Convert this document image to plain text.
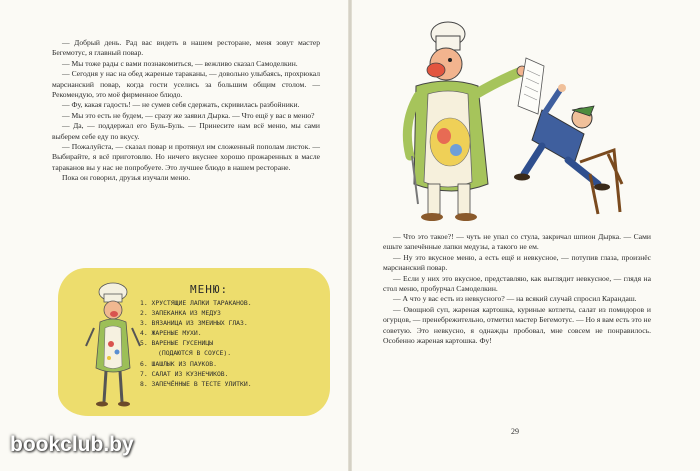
— Добрый день. Рад вас видеть в нашем ресторане, меня зовут мастер Бегемотус, я главный повар.

— Мы тоже рады с вами познакомиться, — вежливо сказал Самоделкин.

— Сегодня у нас на обед жареные тараканы, — довольно улыбаясь, прохрюкал марсианский повар, когда гости уселись за большим общим столом. — Рекомендую, это моё фирменное блюдо.

— Фу, какая гадость! — не сумев себя сдержать, скривилась разбойники.

— Мы это есть не будем, — сразу же заявил Дырка. — Что ещё у вас в меню?

— Да, — поддержал его Буль-Буль. — Принесите нам всё меню, мы сами выберем себе еду по вкусу.

— Пожалуйста, — сказал повар и протянул им сложенный пополам листок. — Выбирайте, я всё приготовлю. Но ничего вкуснее хорошо прожаренных в масле тараканов вы у нас не попробуете. Это лучшее блюдо в нашем ресторане.

Пока он говорил, друзья изучали меню.

МЕНЮ:
1. ХРУСТЯЩИЕ ЛАПКИ ТАРАКАНОВ.
2. ЗАПЕКАНКА ИЗ МЕДУЗ
3. ВЯЗАНИЦА ИЗ ЗМЕИНЫХ ГЛАЗ.
4. ЖАРЕНЫЕ МУХИ.
5. ВАРЕНЫЕ ГУСЕНИЦЫ
(ПОДАЮТСЯ В СОУСЕ).
6. ШАШЛЫК ИЗ ПАУКОВ.
7. САЛАТ ИЗ КУЗНЕЧИКОВ.
8. ЗАПЕЧЁННЫЕ В ТЕСТЕ УЛИТКИ.

— Что это такое?! — чуть не упал со стула, закричал шпион Дырка. — Сами ешьте запечённые лапки медузы, а такого не ем.

— Ну это вкусное меню, а есть ещё и невкусное, — потупив глаза, произнёс марсианский повар.

— Если у них это вкусное, представляю, как выглядит невкусное, — глядя на стол меню, пробурчал Самоделкин.

— А что у вас есть из невкусного? — на всякий случай спросил Карандаш.

— Овощной суп, жареная картошка, куриные котлеты, салат из помидоров и огурцов, — пренебрежительно, отметил мастер Бегемотус. — Но я вам есть это не советую. Это невкусно, я однажды пробовал, мне совсем не понравилось. Особенно жареная картошка. Фу!

29
bookclub.by
